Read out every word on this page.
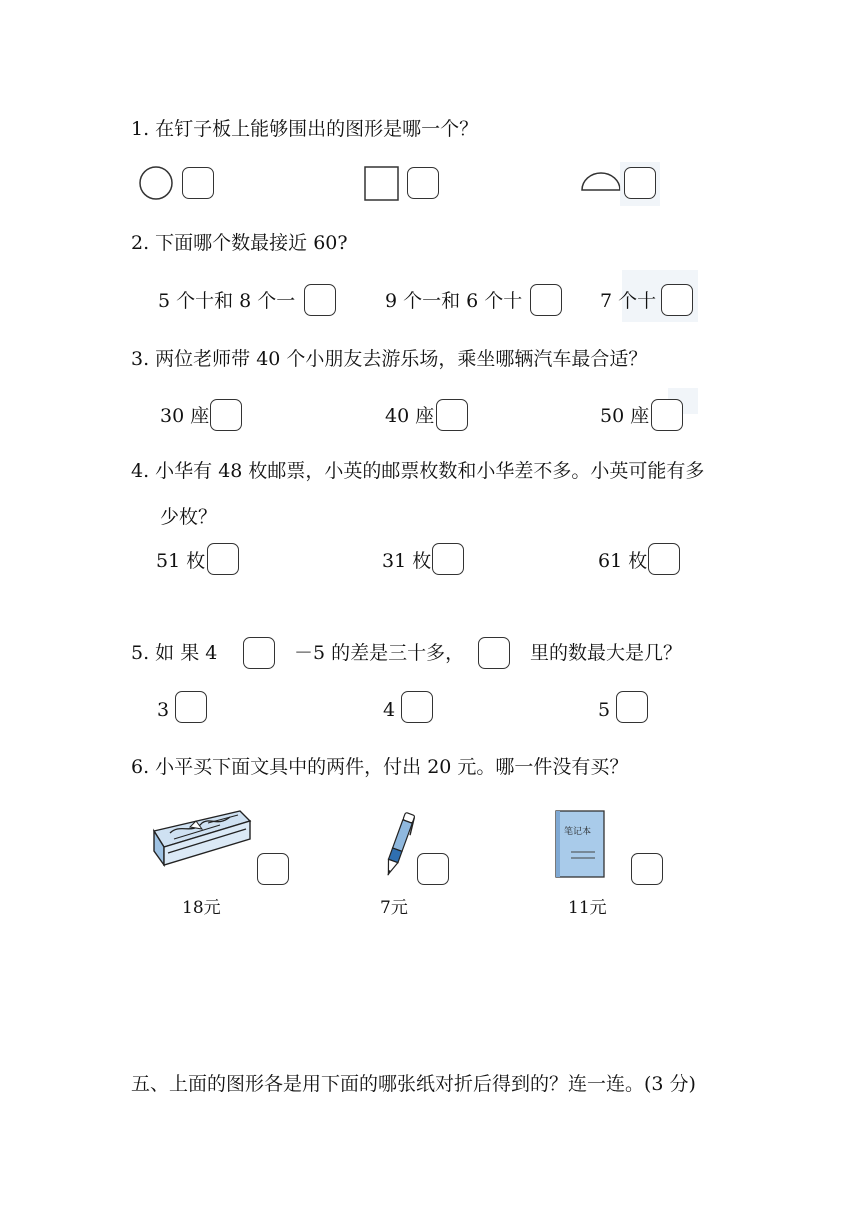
1. 在钉子板上能够围出的图形是哪一个？
2. 下面哪个数最接近 60?
5 个十和 8 个一	9 个一和 6 个十	7 个十
3. 两位老师带 40 个小朋友去游乐场，乘坐哪辆汽车最合适？
30 座	40 座	50 座
4. 小华有 48 枚邮票，小英的邮票枚数和小华差不多。小英可能有多
少枚？
51 枚	31 枚	61 枚
5. 如 果 4	－5 的差是三十多，	里的数最大是几？
3	4	5
6. 小平买下面文具中的两件，付出 20 元。哪一件没有买？
18元	7元
笔记本
11元
五、上面的图形各是用下面的哪张纸对折后得到的？连一连。(3 分)
